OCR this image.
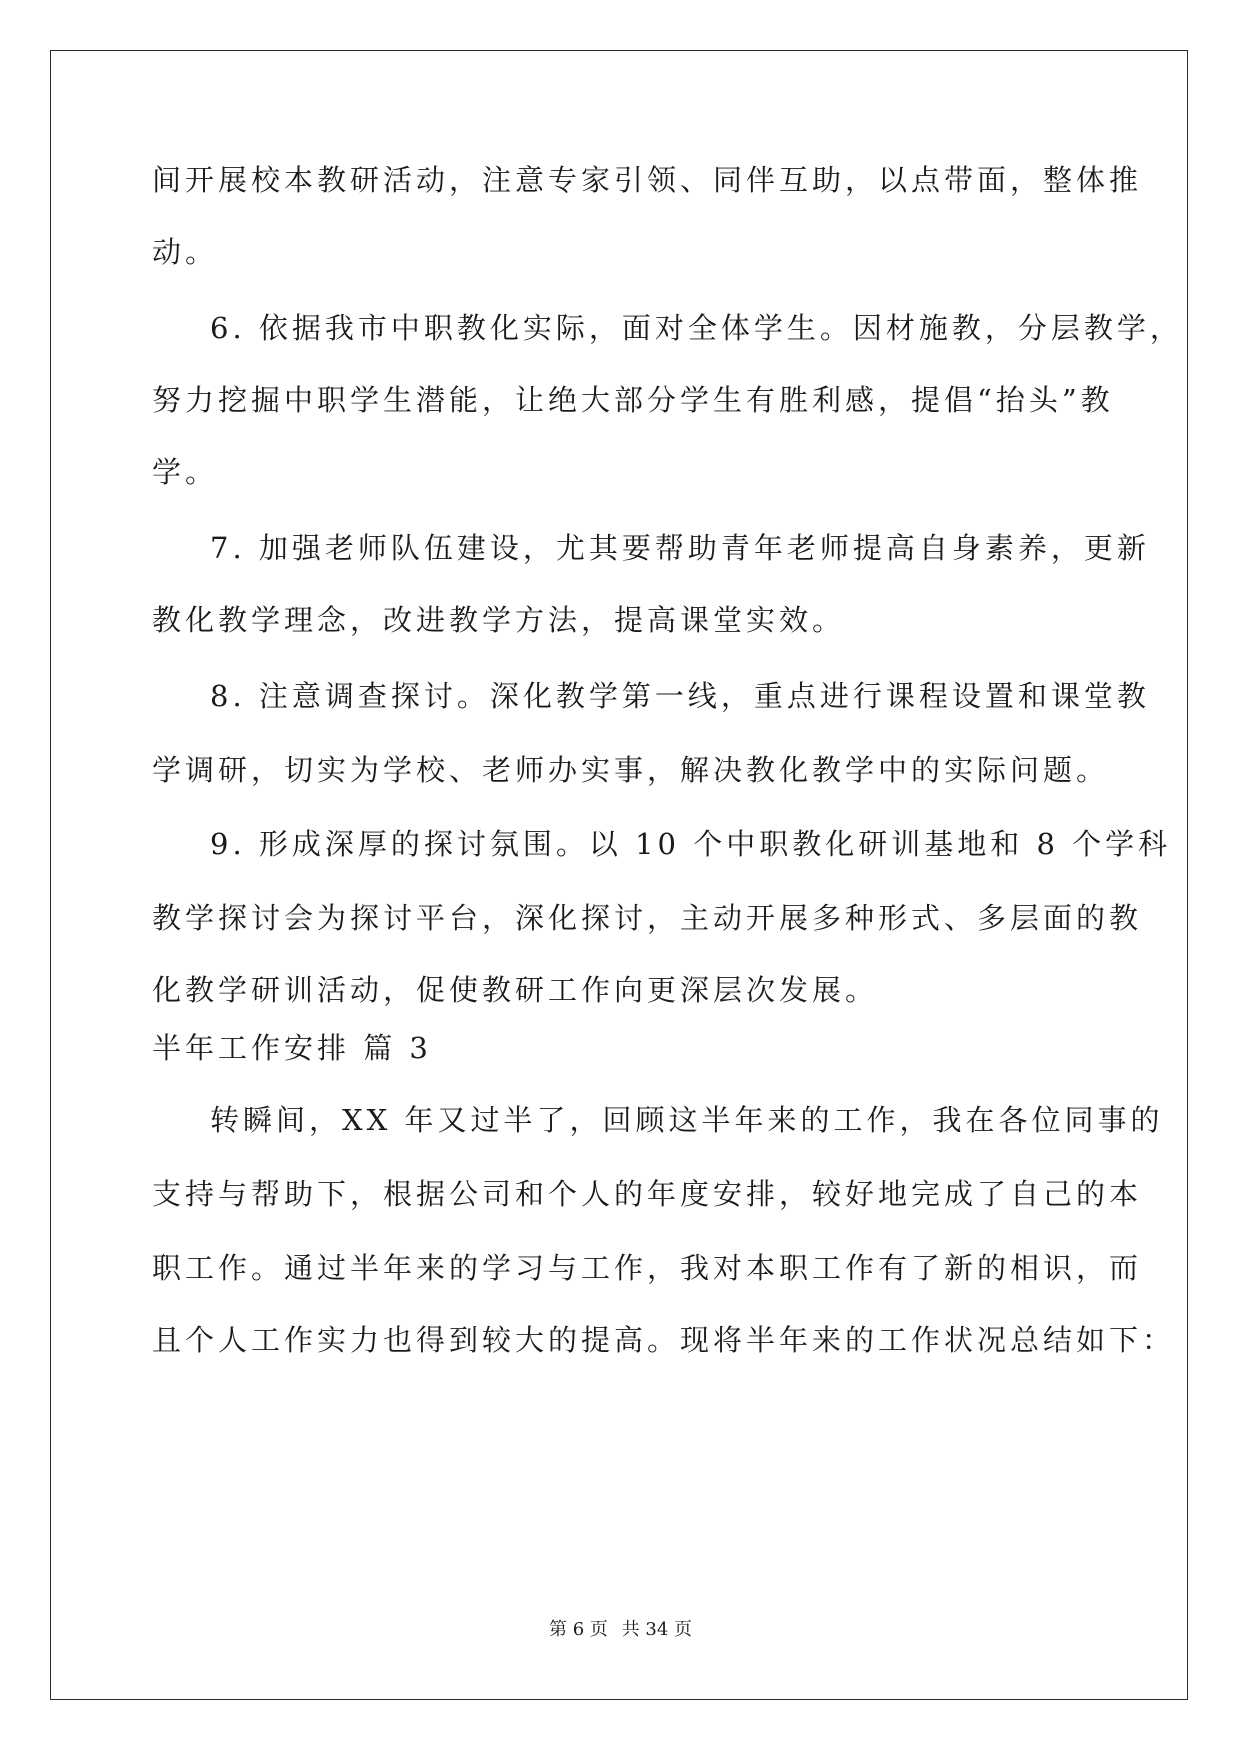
间开展校本教研活动，注意专家引领、同伴互助，以点带面，整体推
动。
6. 依据我市中职教化实际，面对全体学生。因材施教，分层教学，
努力挖掘中职学生潜能，让绝大部分学生有胜利感，提倡“抬头”教
学。
7. 加强老师队伍建设，尤其要帮助青年老师提高自身素养，更新
教化教学理念，改进教学方法，提高课堂实效。
8. 注意调查探讨。深化教学第一线，重点进行课程设置和课堂教
学调研，切实为学校、老师办实事，解决教化教学中的实际问题。
9. 形成深厚的探讨氛围。以 10 个中职教化研训基地和 8 个学科
教学探讨会为探讨平台，深化探讨，主动开展多种形式、多层面的教
化教学研训活动，促使教研工作向更深层次发展。
半年工作安排 篇 3
转瞬间，XX 年又过半了，回顾这半年来的工作，我在各位同事的
支持与帮助下，根据公司和个人的年度安排，较好地完成了自己的本
职工作。通过半年来的学习与工作，我对本职工作有了新的相识，而
且个人工作实力也得到较大的提高。现将半年来的工作状况总结如下：
第 6 页 共 34 页
